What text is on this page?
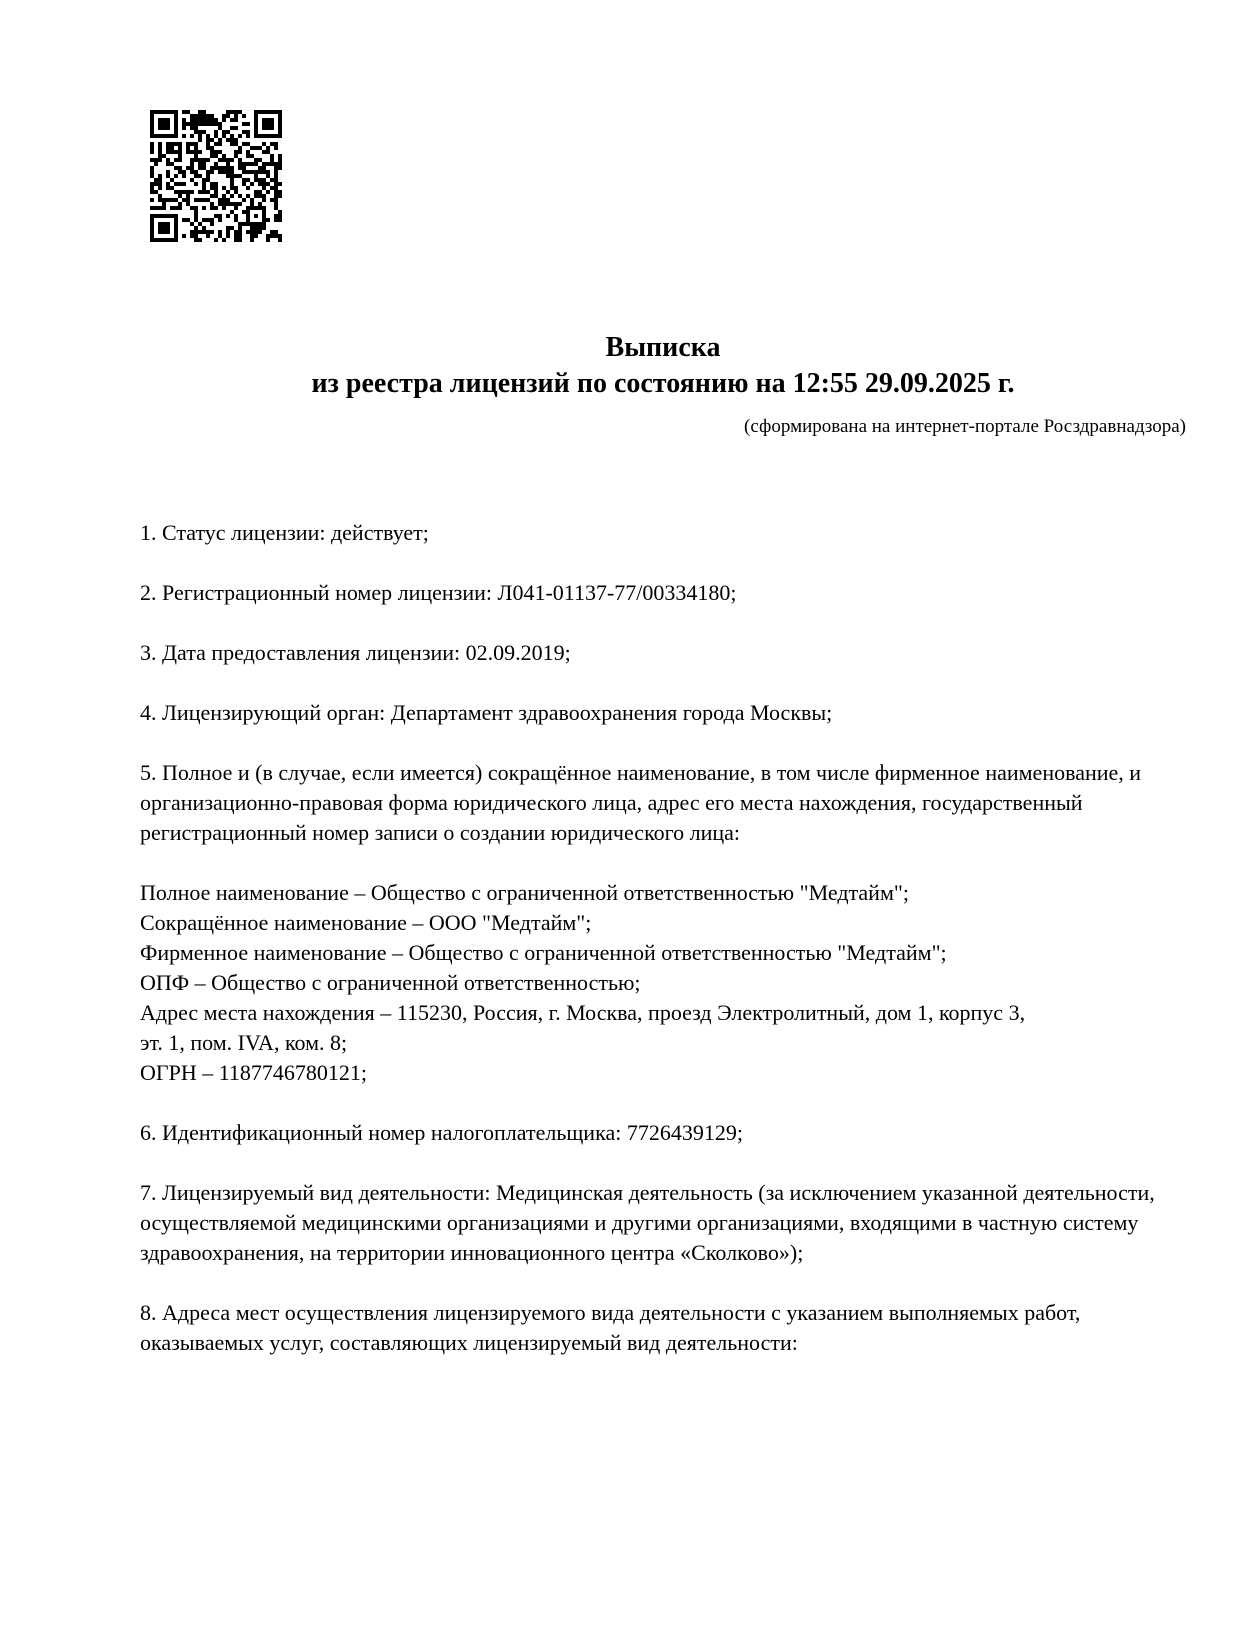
Выписка
из реестра лицензий по состоянию на 12:55 29.09.2025 г.
(сформирована на интернет-портале Росздравнадзора)

1. Статус лицензии: действует;

2. Регистрационный номер лицензии: Л041-01137-77/00334180;

3. Дата предоставления лицензии: 02.09.2019;

4. Лицензирующий орган: Департамент здравоохранения города Москвы;

5. Полное и (в случае, если имеется) сокращённое наименование, в том числе фирменное наименование, и организационно-правовая форма юридического лица, адрес его места нахождения, государственный регистрационный номер записи о создании юридического лица:

Полное наименование – Общество с ограниченной ответственностью "Медтайм";
Сокращённое наименование – ООО "Медтайм";
Фирменное наименование – Общество с ограниченной ответственностью "Медтайм";
ОПФ – Общество с ограниченной ответственностью;
Адрес места нахождения – 115230, Россия, г. Москва, проезд Электролитный, дом 1, корпус 3,
эт. 1, пом. IVA, ком. 8;
ОГРН – 1187746780121;

6. Идентификационный номер налогоплательщика: 7726439129;

7. Лицензируемый вид деятельности: Медицинская деятельность (за исключением указанной деятельности, осуществляемой медицинскими организациями и другими организациями, входящими в частную систему здравоохранения, на территории инновационного центра «Сколково»);

8. Адреса мест осуществления лицензируемого вида деятельности с указанием выполняемых работ, оказываемых услуг, составляющих лицензируемый вид деятельности:
